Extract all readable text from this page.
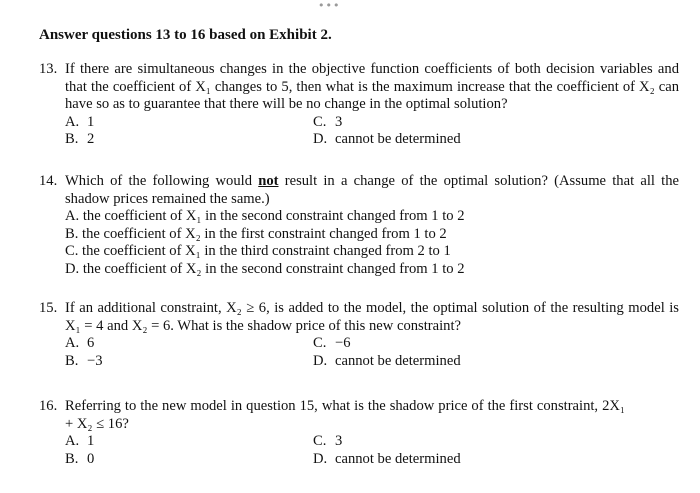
•••
Answer questions 13 to 16 based on Exhibit 2.
13. If there are simultaneous changes in the objective function coefficients of both decision variables and that the coefficient of X₁ changes to 5, then what is the maximum increase that the coefficient of X₂ can have so as to guarantee that there will be no change in the optimal solution?
A. 1	C. 3
B. 2	D. cannot be determined
14. Which of the following would not result in a change of the optimal solution? (Assume that all the shadow prices remained the same.)
A. the coefficient of X₁ in the second constraint changed from 1 to 2
B. the coefficient of X₂ in the first constraint changed from 1 to 2
C. the coefficient of X₁ in the third constraint changed from 2 to 1
D. the coefficient of X₂ in the second constraint changed from 1 to 2
15. If an additional constraint, X₂ ≥ 6, is added to the model, the optimal solution of the resulting model is X₁ = 4 and X₂ = 6. What is the shadow price of this new constraint?
A. 6	C. −6
B. −3	D. cannot be determined
16. Referring to the new model in question 15, what is the shadow price of the first constraint, 2X₁ + X₂ ≤ 16?
A. 1	C. 3
B. 0	D. cannot be determined
